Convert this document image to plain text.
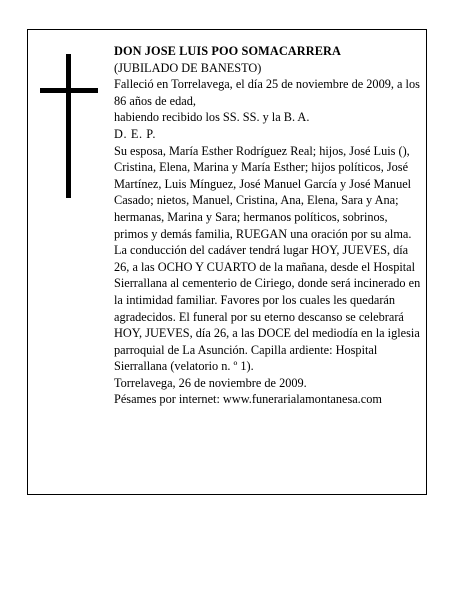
DON JOSE LUIS POO SOMACARRERA

(JUBILADO DE BANESTO)

Falleció en Torrelavega, el día 25 de noviembre de 2009, a los 86 años de edad,

habiendo recibido los SS. SS. y la B. A.

D. E. P.

Su esposa, María Esther Rodríguez Real; hijos, José Luis (), Cristina, Elena, Marina y María Esther; hijos políticos, José Martínez, Luis Mínguez, José Manuel García y José Manuel Casado; nietos, Manuel, Cristina, Ana, Elena, Sara y Ana; hermanas, Marina y Sara; hermanos políticos, sobrinos, primos y demás familia, RUEGAN una oración por su alma. La conducción del cadáver tendrá lugar HOY, JUEVES, día 26, a las OCHO Y CUARTO de la mañana, desde el Hospital Sierrallana al cementerio de Ciriego, donde será incinerado en la intimidad familiar. Favores por los cuales les quedarán agradecidos. El funeral por su eterno descanso se celebrará HOY, JUEVES, día 26, a las DOCE del mediodía en la iglesia parroquial de La Asunción. Capilla ardiente: Hospital Sierrallana (velatorio n. º 1).

Torrelavega, 26 de noviembre de 2009.

Pésames por internet: www.funerarialamontanesa.com
